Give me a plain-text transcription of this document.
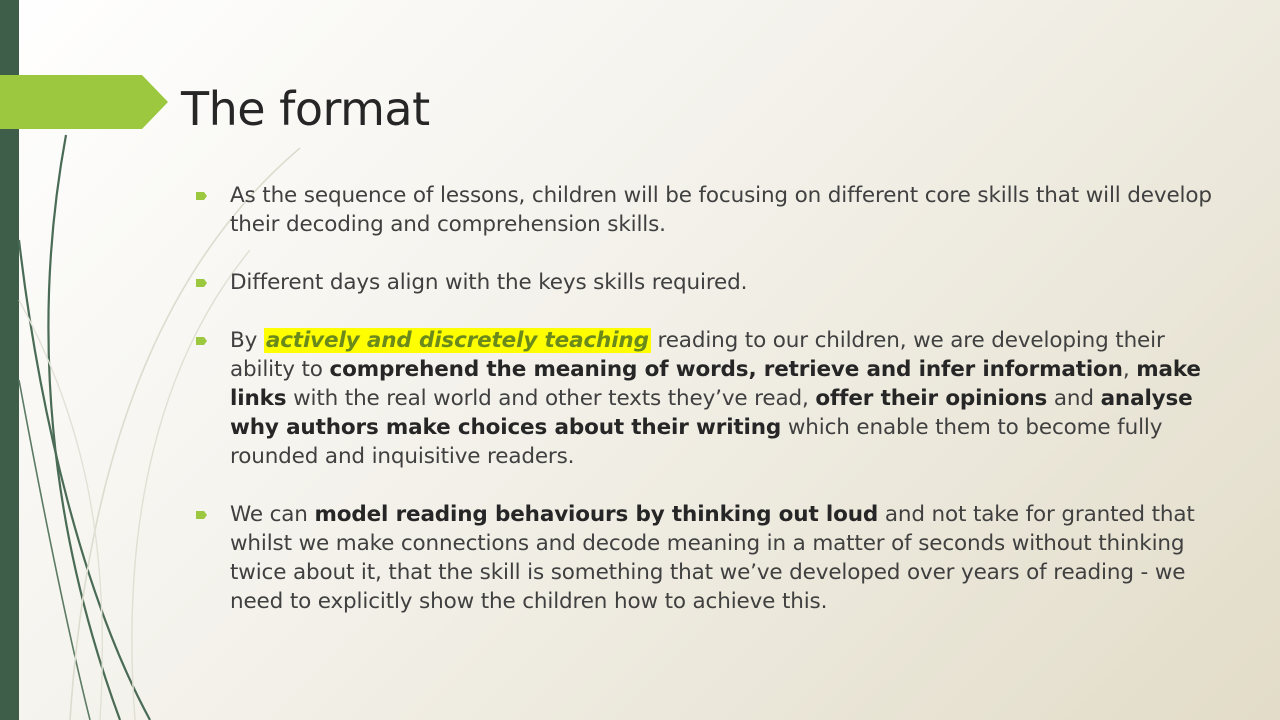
The format

As the sequence of lessons, children will be focusing on different core skills that will develop their decoding and comprehension skills.

Different days align with the keys skills required.

By actively and discretely teaching reading to our children, we are developing their ability to comprehend the meaning of words, retrieve and infer information, make links with the real world and other texts they’ve read, offer their opinions and analyse why authors make choices about their writing which enable them to become fully rounded and inquisitive readers.

We can model reading behaviours by thinking out loud and not take for granted that whilst we make connections and decode meaning in a matter of seconds without thinking twice about it, that the skill is something that we’ve developed over years of reading - we need to explicitly show the children how to achieve this.
